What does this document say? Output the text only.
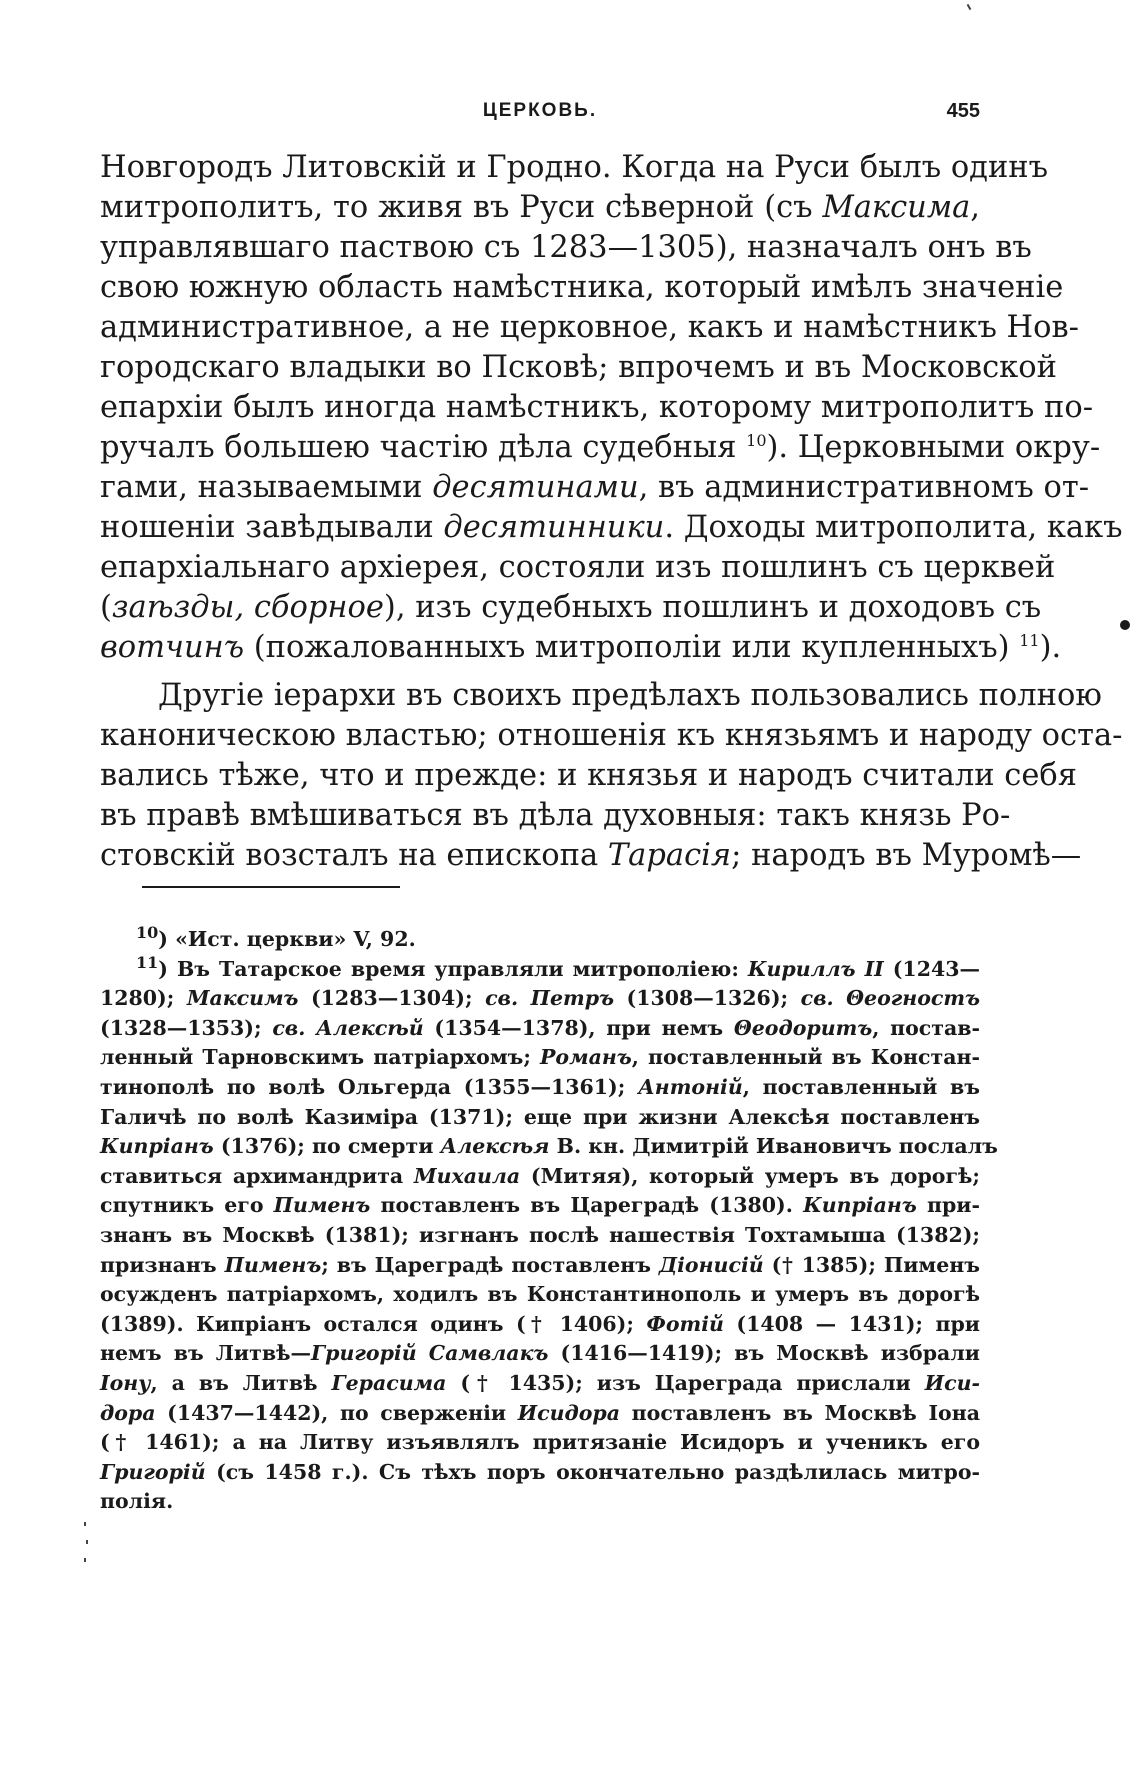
ЦЕРКОВЬ.	455
Новгородъ Литовскій и Гродно. Когда на Руси былъ одинъ
митрополитъ, то живя въ Руси сѣверной (съ Максима,
управлявшаго паствою съ 1283—1305), назначалъ онъ въ
свою южную область намѣстника, который имѣлъ значеніе
административное, а не церковное, какъ и намѣстникъ Нов-
городскаго владыки во Псковѣ; впрочемъ и въ Московской
епархіи былъ иногда намѣстникъ, которому митрополитъ по-
ручалъ большею частію дѣла судебныя $^{10}$). Церковными окру-
гами, называемыми десятинами, въ административномъ от-
ношеніи завѣдывали десятинники. Доходы митрополита, какъ
епархіальнаго архіерея, состояли изъ пошлинъ съ церквей
(заѣзды, сборное), изъ судебныхъ пошлинъ и доходовъ съ
вотчинъ (пожалованныхъ митрополіи или купленныхъ) $^{11}$).
Другіе іерархи въ своихъ предѣлахъ пользовались полною
каноническою властью; отношенія къ князьямъ и народу оста-
вались тѣже, что и прежде: и князья и народъ считали себя
въ правѣ вмѣшиваться въ дѣла духовныя: такъ князь Ро-
стовскій возсталъ на епископа Тарасія; народъ въ Муромѣ—
$^{10}$) «Ист. церкви» V, 92.
$^{11}$) Въ Татарское время управляли митрополіею: Кириллъ II (1243—
1280); Максимъ (1283—1304); св. Петръ (1308—1326); св. Θеогностъ
(1328—1353); св. Алексѣй (1354—1378), при немъ Θеодоритъ, постав-
ленный Тарновскимъ патріархомъ; Романъ, поставленный въ Констан-
тинополѣ по волѣ Ольгерда (1355—1361); Антоній, поставленный въ
Галичѣ по волѣ Казиміра (1371); еще при жизни Алексѣя поставленъ
Кипріанъ (1376); по смерти Алексѣя В. кн. Димитрій Ивановичъ послалъ
ставиться архимандрита Михаила (Митяя), который умеръ въ дорогѣ;
спутникъ его Пименъ поставленъ въ Цареградѣ (1380). Кипріанъ при-
знанъ въ Москвѣ (1381); изгнанъ послѣ нашествія Тохтамыша (1382);
признанъ Пименъ; въ Цареградѣ поставленъ Діонисій († 1385); Пименъ
осужденъ патріархомъ, ходилъ въ Константинополь и умеръ въ дорогѣ
(1389). Кипріанъ остался одинъ († 1406); Фотій (1408 — 1431); при
немъ въ Литвѣ—Григорій Самвлакъ (1416—1419); въ Москвѣ избрали
Іону, а въ Литвѣ Герасима († 1435); изъ Цареграда прислали Иси-
дора (1437—1442), по сверженіи Исидора поставленъ въ Москвѣ Іона
(† 1461); а на Литву изъявлялъ притязаніе Исидоръ и ученикъ его
Григорій (съ 1458 г.). Съ тѣхъ поръ окончательно раздѣлилась митро-
полія.
